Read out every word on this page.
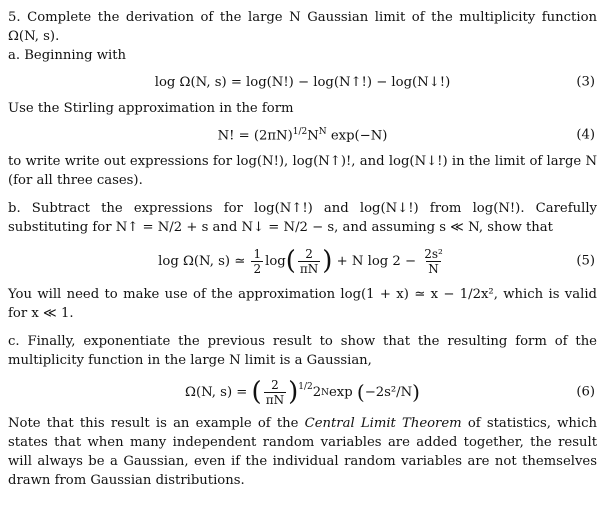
5. Complete the derivation of the large N Gaussian limit of the multiplicity function Ω(N, s).

a. Beginning with

log Ω(N, s) = log(N!) − log(N↑!) − log(N↓!)	(3)

Use the Stirling approximation in the form

N! = $(2\pi N)^{1/2}N^N$ exp(−N)	(4)

to write write out expressions for log(N!), log(N↑)!, and log(N↓!) in the limit of large N (for all three cases).

b. Subtract the expressions for log(N↑!) and log(N↓!) from log(N!). Carefully substituting for N↑ = N/2 + s and N↓ = N/2 − s, and assuming s ≪ N, show that

log Ω(N, s) ≃
$\frac{1}{2}$ log ( $\frac{2}{\pi N}$ )
+ N log 2 −
$\frac{\text{2s²}}{N}$	(5)

You will need to make use of the approximation log(1 + x) ≃ x − 1/2x², which is valid for x ≪ 1.

c. Finally, exponentiate the previous result to show that the resulting form of the multiplicity function in the large N limit is a Gaussian,

Ω(N, s) =
( $\frac{2}{\pi N} )^{1/2}$ 2 N exp
( −2s²/N )	(6)

Note that this result is an example of the Central Limit Theorem of statistics, which states that when many independent random variables are added together, the result will always be a Gaussian, even if the individual random variables are not themselves drawn from Gaussian distributions.
